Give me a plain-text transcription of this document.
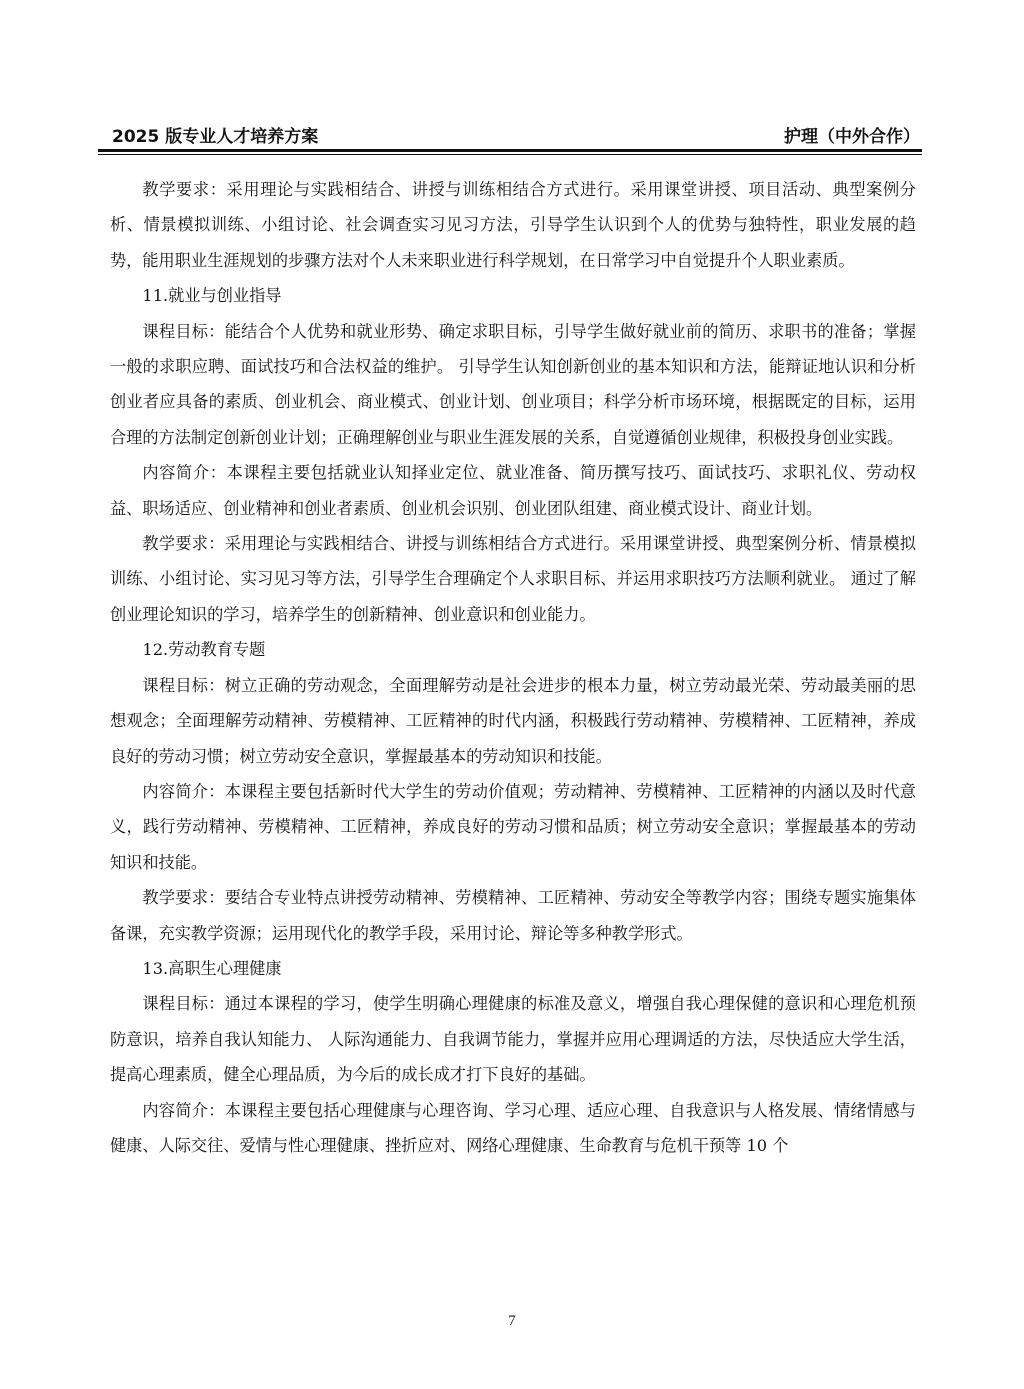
2025 版专业人才培养方案	护理（中外合作）

教学要求：采用理论与实践相结合、讲授与训练相结合方式进行。采用课堂讲授、项目活动、典型案例分析、情景模拟训练、小组讨论、社会调查实习见习方法，引导学生认识到个人的优势与独特性，职业发展的趋势，能用职业生涯规划的步骤方法对个人未来职业进行科学规划，在日常学习中自觉提升个人职业素质。

11.就业与创业指导

课程目标：能结合个人优势和就业形势、确定求职目标，引导学生做好就业前的简历、求职书的准备；掌握一般的求职应聘、面试技巧和合法权益的维护。 引导学生认知创新创业的基本知识和方法，能辩证地认识和分析创业者应具备的素质、创业机会、商业模式、创业计划、创业项目；科学分析市场环境，根据既定的目标，运用合理的方法制定创新创业计划；正确理解创业与职业生涯发展的关系，自觉遵循创业规律，积极投身创业实践。

内容简介：本课程主要包括就业认知择业定位、就业准备、简历撰写技巧、面试技巧、求职礼仪、劳动权益、职场适应、创业精神和创业者素质、创业机会识别、创业团队组建、商业模式设计、商业计划。

教学要求：采用理论与实践相结合、讲授与训练相结合方式进行。采用课堂讲授、典型案例分析、情景模拟训练、小组讨论、实习见习等方法，引导学生合理确定个人求职目标、并运用求职技巧方法顺利就业。 通过了解创业理论知识的学习，培养学生的创新精神、创业意识和创业能力。

12.劳动教育专题

课程目标：树立正确的劳动观念，全面理解劳动是社会进步的根本力量，树立劳动最光荣、劳动最美丽的思想观念；全面理解劳动精神、劳模精神、工匠精神的时代内涵，积极践行劳动精神、劳模精神、工匠精神，养成良好的劳动习惯；树立劳动安全意识，掌握最基本的劳动知识和技能。

内容简介：本课程主要包括新时代大学生的劳动价值观；劳动精神、劳模精神、工匠精神的内涵以及时代意义，践行劳动精神、劳模精神、工匠精神，养成良好的劳动习惯和品质；树立劳动安全意识；掌握最基本的劳动知识和技能。

教学要求：要结合专业特点讲授劳动精神、劳模精神、工匠精神、劳动安全等教学内容；围绕专题实施集体备课，充实教学资源；运用现代化的教学手段，采用讨论、辩论等多种教学形式。

13.高职生心理健康

课程目标：通过本课程的学习，使学生明确心理健康的标准及意义，增强自我心理保健的意识和心理危机预防意识，培养自我认知能力、 人际沟通能力、自我调节能力，掌握并应用心理调适的方法，尽快适应大学生活，提高心理素质，健全心理品质，为今后的成长成才打下良好的基础。

内容简介：本课程主要包括心理健康与心理咨询、学习心理、适应心理、自我意识与人格发展、情绪情感与健康、人际交往、爱情与性心理健康、挫折应对、网络心理健康、生命教育与危机干预等 10 个

7
